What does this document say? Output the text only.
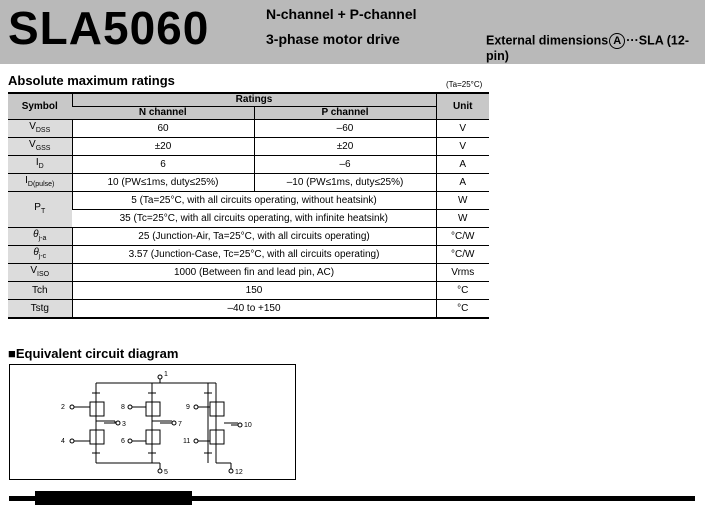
SLA5060	N-channel + P-channel
3-phase motor drive	External dimensions A ···SLA (12-pin)
Absolute maximum ratings	(Ta=25°C)
Symbol	Ratings		Unit
	N channel	P channel	
$V_{DSS}$	60	–60	V
$V_{GSS}$	±20	±20	V
$I_D$	6	–6	A
$I_{D(pulse)}$	10 (PW≤1ms, duty≤25%)	–10 (PW≤1ms, duty≤25%)	A
$P_T$	5 (Ta=25°C, with all circuits operating, without heatsink)		W
	35 (Tc=25°C, with all circuits operating, with infinite heatsink)		W
$\theta_{j-a}$	25 (Junction-Air, Ta=25°C, with all circuits operating)		°C/W
$\theta_{j-c}$	3.57 (Junction-Case, Tc=25°C, with all circuits operating)		°C/W
$V_{ISO}$	1000 (Between fin and lead pin, AC)		Vrms
Tch	150		°C
Tstg	–40 to +150		°C
■Equivalent circuit diagram
1
2
4
3
8
6
7
9
11
10
5	12
